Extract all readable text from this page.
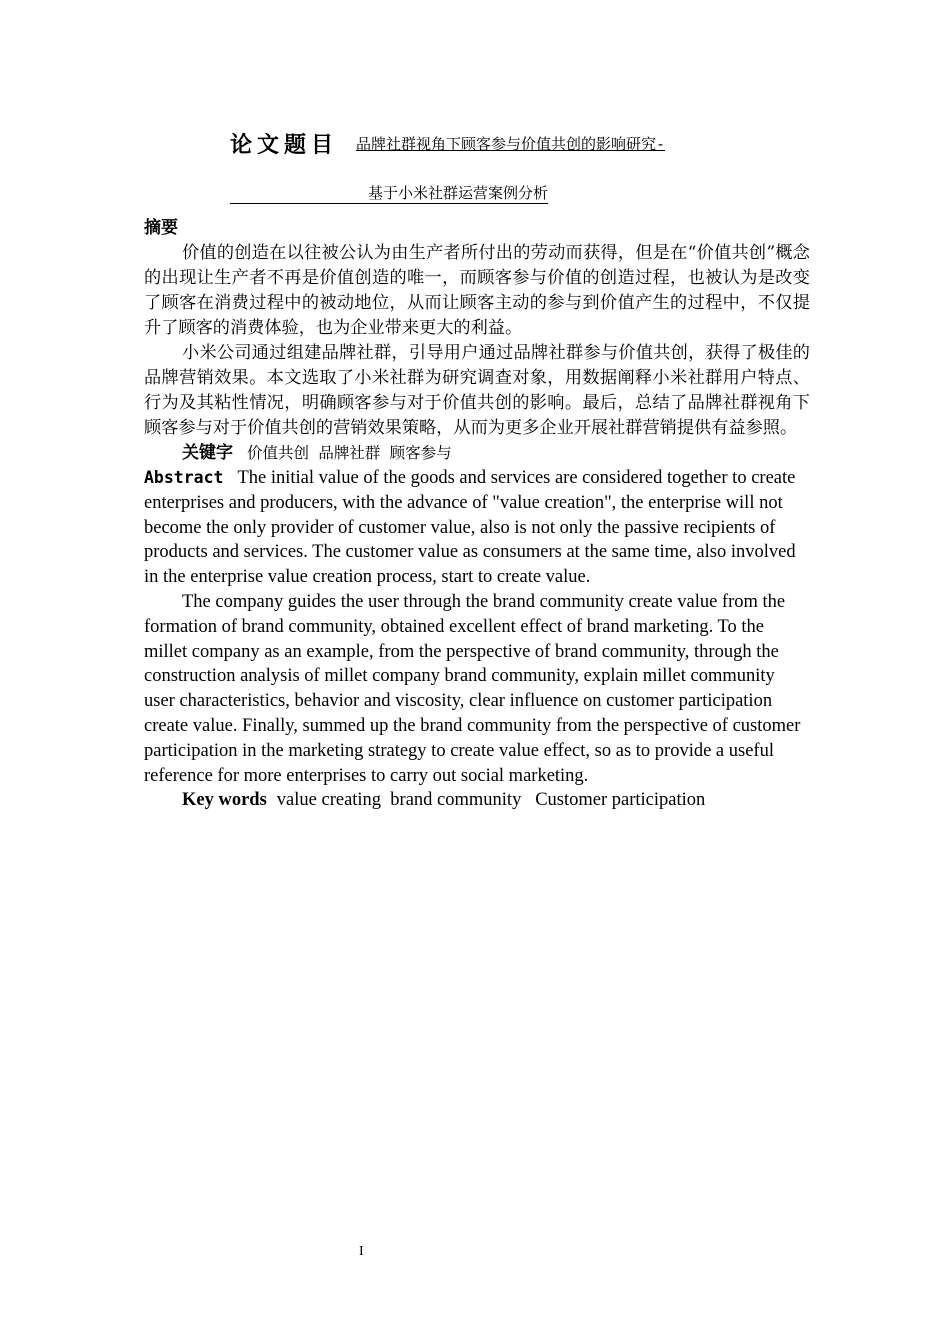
论文题目 品牌社群视角下顾客参与价值共创的影响研究-
基于小米社群运营案例分析
摘要

价值的创造在以往被公认为由生产者所付出的劳动而获得，但是在“价值共创”概念的出现让生产者不再是价值创造的唯一，而顾客参与价值的创造过程，也被认为是改变了顾客在消费过程中的被动地位，从而让顾客主动的参与到价值产生的过程中，不仅提升了顾客的消费体验，也为企业带来更大的利益。

小米公司通过组建品牌社群，引导用户通过品牌社群参与价值共创，获得了极佳的品牌营销效果。本文选取了小米社群为研究调查对象，用数据阐释小米社群用户特点、行为及其粘性情况，明确顾客参与对于价值共创的影响。最后，总结了品牌社群视角下顾客参与对于价值共创的营销效果策略，从而为更多企业开展社群营销提供有益参照。

关键字 价值共创 品牌社群 顾客参与

Abstract The initial value of the goods and services are considered together to create enterprises and producers, with the advance of "value creation", the enterprise will not become the only provider of customer value, also is not only the passive recipients of products and services. The customer value as consumers at the same time, also involved in the enterprise value creation process, start to create value.

The company guides the user through the brand community create value from the formation of brand community, obtained excellent effect of brand marketing. To the millet company as an example, from the perspective of brand community, through the construction analysis of millet company brand community, explain millet community user characteristics, behavior and viscosity, clear influence on customer participation create value. Finally, summed up the brand community from the perspective of customer participation in the marketing strategy to create value effect, so as to provide a useful reference for more enterprises to carry out social marketing.

Key words value creating  brand community   Customer participation

I
